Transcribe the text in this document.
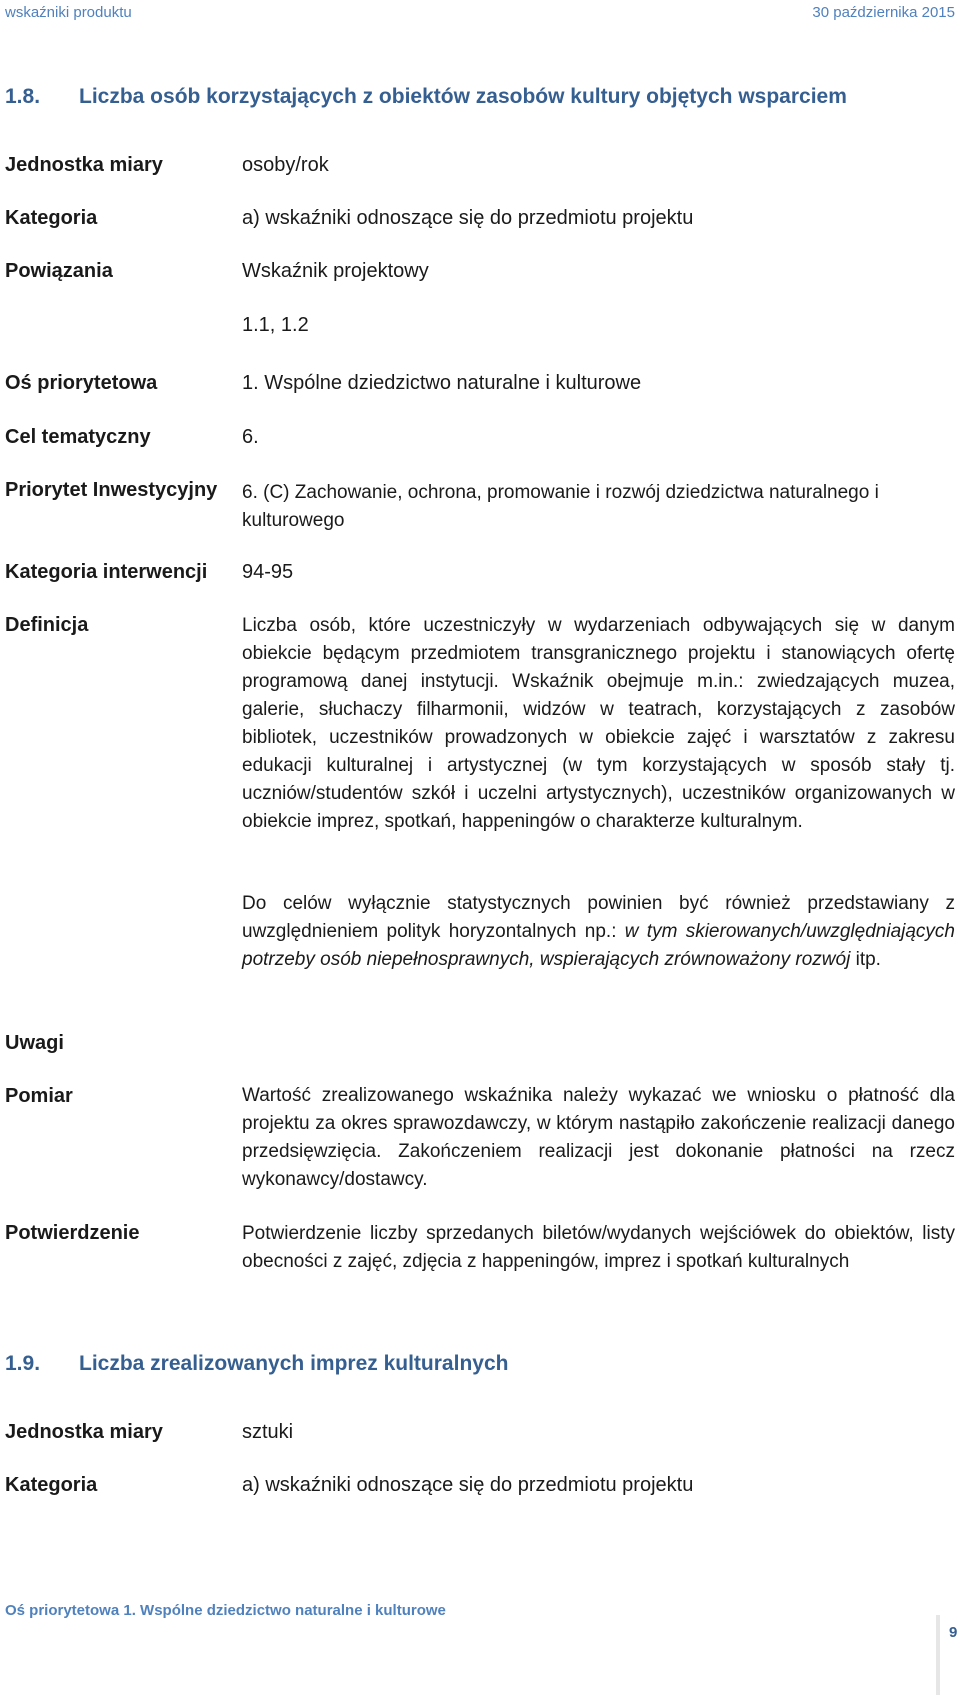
wskaźniki produktu	30 października 2015
1.8. Liczba osób korzystających z obiektów zasobów kultury objętych wsparciem
Jednostka miary	osoby/rok
Kategoria	a) wskaźniki odnoszące się do przedmiotu projektu
Powiązania	Wskaźnik projektowy
1.1, 1.2
Oś priorytetowa	1. Wspólne dziedzictwo naturalne i kulturowe
Cel tematyczny	6.
Priorytet Inwestycyjny 6. (C) Zachowanie, ochrona, promowanie i rozwój dziedzictwa naturalnego i kulturowego
Kategoria interwencji 94-95
Definicja	Liczba osób, które uczestniczyły w wydarzeniach odbywających się w danym obiekcie będącym przedmiotem transgranicznego projektu i stanowiących ofertę programową danej instytucji. Wskaźnik obejmuje m.in.: zwiedzających muzea, galerie, słuchaczy filharmonii, widzów w teatrach, korzystających z zasobów bibliotek, uczestników prowadzonych w obiekcie zajęć i warsztatów z zakresu edukacji kulturalnej i artystycznej (w tym korzystających w sposób stały tj. uczniów/studentów szkół i uczelni artystycznych), uczestników organizowanych w obiekcie imprez, spotkań, happeningów o charakterze kulturalnym.
Do celów wyłącznie statystycznych powinien być również przedstawiany z uwzględnieniem polityk horyzontalnych np.: w tym skierowanych/uwzględniających potrzeby osób niepełnosprawnych, wspierających zrównoważony rozwój itp.
Uwagi
Pomiar	Wartość zrealizowanego wskaźnika należy wykazać we wniosku o płatność dla projektu za okres sprawozdawczy, w którym nastąpiło zakończenie realizacji danego przedsięwzięcia. Zakończeniem realizacji jest dokonanie płatności na rzecz wykonawcy/dostawcy.
Potwierdzenie	Potwierdzenie liczby sprzedanych biletów/wydanych wejściówek do obiektów, listy obecności z zajęć, zdjęcia z happeningów, imprez i spotkań kulturalnych
1.9. Liczba zrealizowanych imprez kulturalnych
Jednostka miary	sztuki
Kategoria	a) wskaźniki odnoszące się do przedmiotu projektu
Oś priorytetowa 1. Wspólne dziedzictwo naturalne i kulturowe
9
